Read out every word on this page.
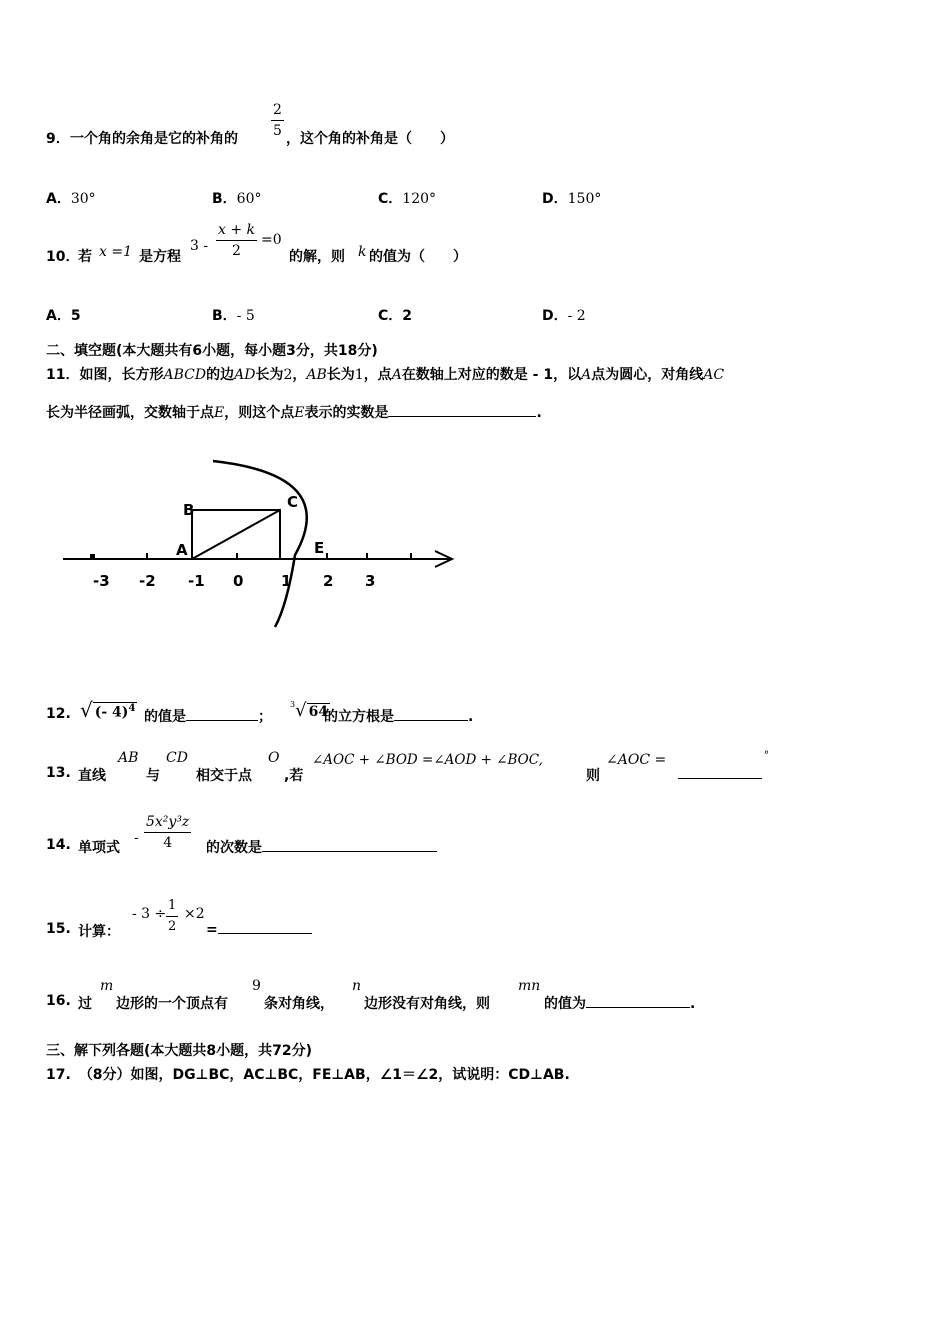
9． 一个角的余角是它的补角的 $\frac{2}{5}$ ，这个角的补角是（　　）
A．30°	B．60°	C．120°	D．150°
10．
若 x =1 是方程
$3 - \frac{x + k}{2} =0$
的解，则 k 的值为（　　）
A．5	B．- 5	C．2	D．- 2
二、填空题(本大题共有6小题，每小题3分，共18分)
11．如图，长方形ABCD的边AD长为2，AB长为1，点A在数轴上对应的数是 - 1，以A点为圆心，对角线AC
长为半径画弧，交数轴于点E，则这个点E表示的实数是	.
B	C
A	E
-3 -2 -1 0	1 2 3
12. √ (- 4)$^4$
的值是	；
$^3$√ 64
的立方根是	.
13. 直线
AB
与
CD
相交于点
O
,若
∠AOC + ∠BOD =∠AOD + ∠BOC,
则
∠AOC =	°
14. 单项式
- $\frac{\text{5x²y³z}}{4}$ 的次数是
15. 计算：
- $3 \div \frac{1}{2} \times 2$
=
16. 过
m
边形的一个顶点有
9
条对角线，
n
边形没有对角线，则
mn
的值为	.
三、解下列各题(本大题共8小题，共72分)
17. （8分）如图，DG⊥BC，AC⊥BC，FE⊥AB，∠1＝∠2，试说明：CD⊥AB.
